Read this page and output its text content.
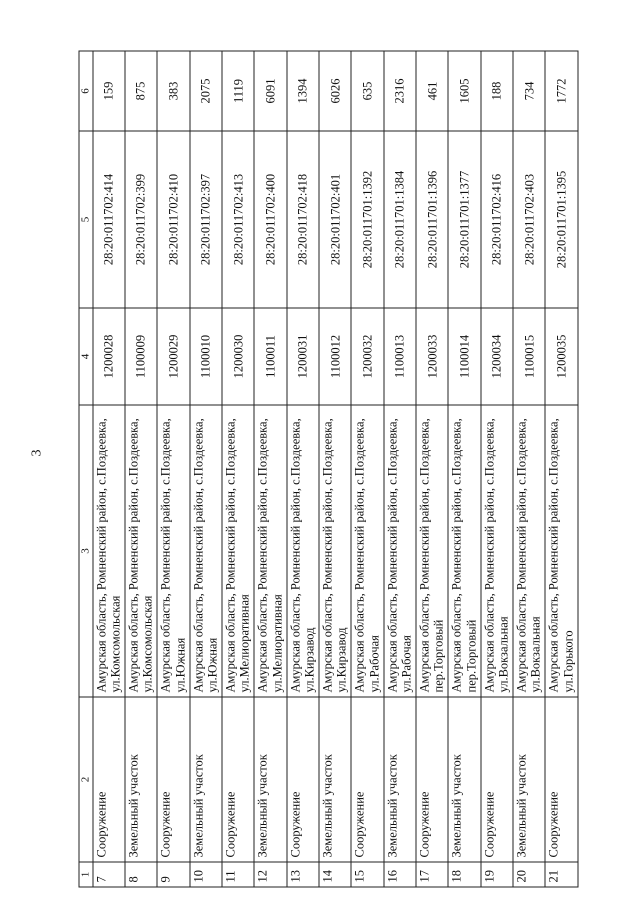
3
1	2	3	4	5	6
7	Сооружение	Амурская область, Ромненский район, с.Поздеевка, ул.Комсомольская	1200028	28:20:011702:414	159
8	Земельный участок	Амурская область, Ромненский район, с.Поздеевка, ул.Комсомольская	1100009	28:20:011702:399	875
9	Сооружение	Амурская область, Ромненский район, с.Поздеевка, ул.Южная	1200029	28:20:011702:410	383
10	Земельный участок	Амурская область, Ромненский район, с.Поздеевка, ул.Южная	1100010	28:20:011702:397	2075
11	Сооружение	Амурская область, Ромненский район, с.Поздеевка, ул.Мелиоративная	1200030	28:20:011702:413	1119
12	Земельный участок	Амурская область, Ромненский район, с.Поздеевка, ул.Мелиоративная	1100011	28:20:011702:400	6091
13	Сооружение	Амурская область, Ромненский район, с.Поздеевка, ул.Кирзавод	1200031	28:20:011702:418	1394
14	Земельный участок	Амурская область, Ромненский район, с.Поздеевка, ул.Кирзавод	1100012	28:20:011702:401	6026
15	Сооружение	Амурская область, Ромненский район, с.Поздеевка, ул.Рабочая	1200032	28:20:011701:1392	635
16	Земельный участок	Амурская область, Ромненский район, с.Поздеевка, ул.Рабочая	1100013	28:20:011701:1384	2316
17	Сооружение	Амурская область, Ромненский район, с.Поздеевка, пер.Торговый	1200033	28:20:011701:1396	461
18	Земельный участок	Амурская область, Ромненский район, с.Поздеевка, пер.Торговый	1100014	28:20:011701:1377	1605
19	Сооружение	Амурская область, Ромненский район, с.Поздеевка, ул.Вокзальная	1200034	28:20:011702:416	188
20	Земельный участок	Амурская область, Ромненский район, с.Поздеевка, ул.Вокзальная	1100015	28:20:011702:403	734
21	Сооружение	Амурская область, Ромненский район, с.Поздеевка, ул.Горького	1200035	28:20:011701:1395	1772
